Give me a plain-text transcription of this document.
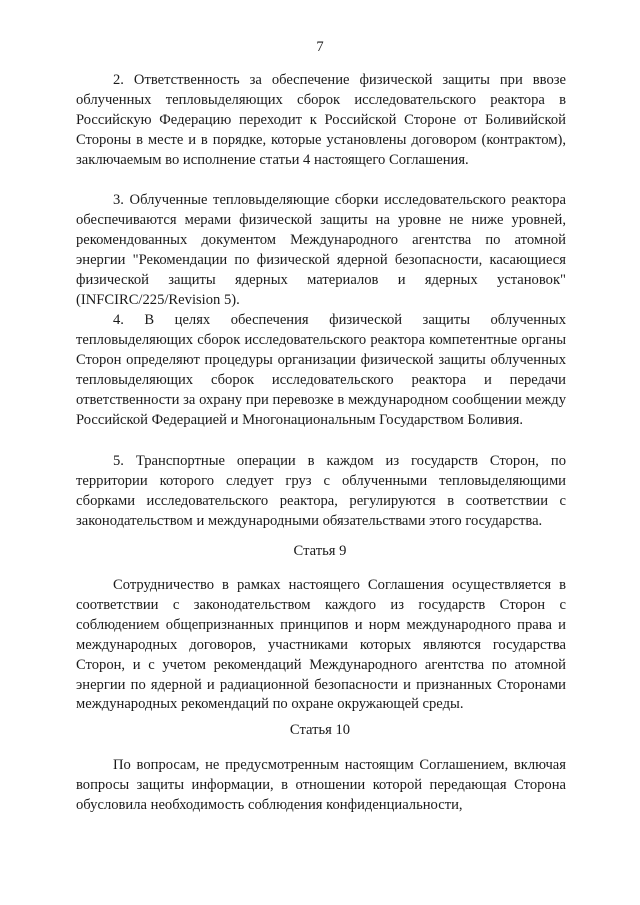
7

2. Ответственность за обеспечение физической защиты при ввозе облученных тепловыделяющих сборок исследовательского реактора в Российскую Федерацию переходит к Российской Стороне от Боливийской Стороны в месте и в порядке, которые установлены договором (контрактом), заключаемым во исполнение статьи 4 настоящего Соглашения.

3. Облученные тепловыделяющие сборки исследовательского реактора обеспечиваются мерами физической защиты на уровне не ниже уровней, рекомендованных документом Международного агентства по атомной энергии "Рекомендации по физической ядерной безопасности, касающиеся физической защиты ядерных материалов и ядерных установок" (INFCIRC/225/Revision 5).

4. В целях обеспечения физической защиты облученных тепловыделяющих сборок исследовательского реактора компетентные органы Сторон определяют процедуры организации физической защиты облученных тепловыделяющих сборок исследовательского реактора и передачи ответственности за охрану при перевозке в международном сообщении между Российской Федерацией и Многонациональным Государством Боливия.

5. Транспортные операции в каждом из государств Сторон, по территории которого следует груз с облученными тепловыделяющими сборками исследовательского реактора, регулируются в соответствии с законодательством и международными обязательствами этого государства.

Статья 9

Сотрудничество в рамках настоящего Соглашения осуществляется в соответствии с законодательством каждого из государств Сторон с соблюдением общепризнанных принципов и норм международного права и международных договоров, участниками которых являются государства Сторон, и с учетом рекомендаций Международного агентства по атомной энергии по ядерной и радиационной безопасности и признанных Сторонами международных рекомендаций по охране окружающей среды.

Статья 10

По вопросам, не предусмотренным настоящим Соглашением, включая вопросы защиты информации, в отношении которой передающая Сторона обусловила необходимость соблюдения конфиденциальности,
